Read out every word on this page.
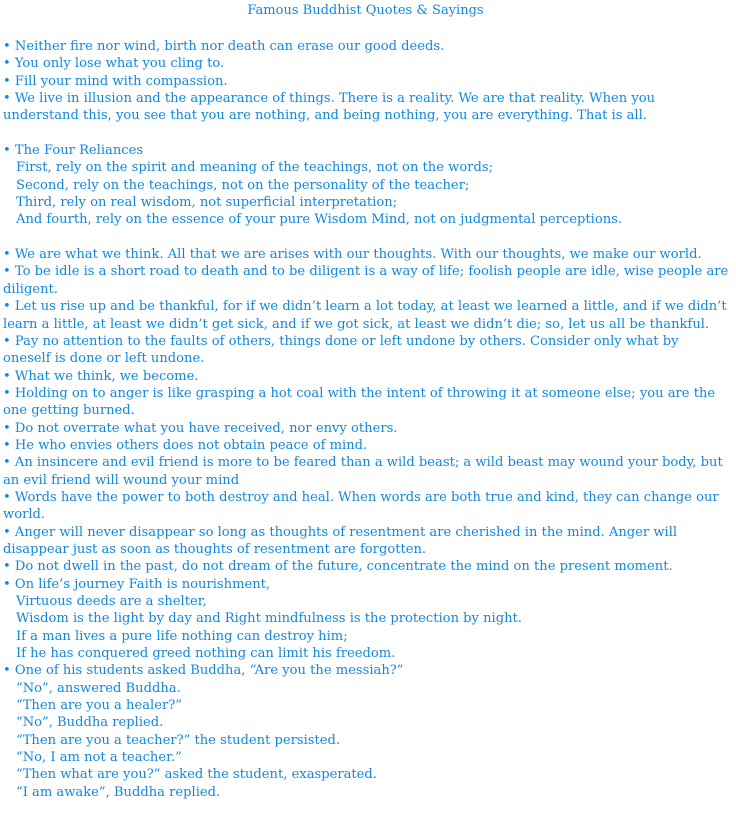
Famous Buddhist Quotes & Sayings

• Neither fire nor wind, birth nor death can erase our good deeds.

• You only lose what you cling to.

• Fill your mind with compassion.

• We live in illusion and the appearance of things. There is a reality. We are that reality. When you understand this, you see that you are nothing, and being nothing, you are everything. That is all.

• The Four Reliances

First, rely on the spirit and meaning of the teachings, not on the words;

Second, rely on the teachings, not on the personality of the teacher;

Third, rely on real wisdom, not superficial interpretation;

And fourth, rely on the essence of your pure Wisdom Mind, not on judgmental perceptions.

• We are what we think. All that we are arises with our thoughts. With our thoughts, we make our world.

• To be idle is a short road to death and to be diligent is a way of life; foolish people are idle, wise people are diligent.

• Let us rise up and be thankful, for if we didn’t learn a lot today, at least we learned a little, and if we didn’t learn a little, at least we didn’t get sick, and if we got sick, at least we didn’t die; so, let us all be thankful.

• Pay no attention to the faults of others, things done or left undone by others. Consider only what by oneself is done or left undone.

• What we think, we become.

• Holding on to anger is like grasping a hot coal with the intent of throwing it at someone else; you are the one getting burned.

• Do not overrate what you have received, nor envy others.

• He who envies others does not obtain peace of mind.

• An insincere and evil friend is more to be feared than a wild beast; a wild beast may wound your body, but an evil friend will wound your mind

• Words have the power to both destroy and heal. When words are both true and kind, they can change our world.

• Anger will never disappear so long as thoughts of resentment are cherished in the mind. Anger will disappear just as soon as thoughts of resentment are forgotten.

• Do not dwell in the past, do not dream of the future, concentrate the mind on the present moment.

• On life’s journey Faith is nourishment,

Virtuous deeds are a shelter,

Wisdom is the light by day and Right mindfulness is the protection by night.

If a man lives a pure life nothing can destroy him;

If he has conquered greed nothing can limit his freedom.

• One of his students asked Buddha, “Are you the messiah?”

“No”, answered Buddha.

“Then are you a healer?”

“No”, Buddha replied.

“Then are you a teacher?” the student persisted.

“No, I am not a teacher.”

“Then what are you?” asked the student, exasperated.

“I am awake”, Buddha replied.
